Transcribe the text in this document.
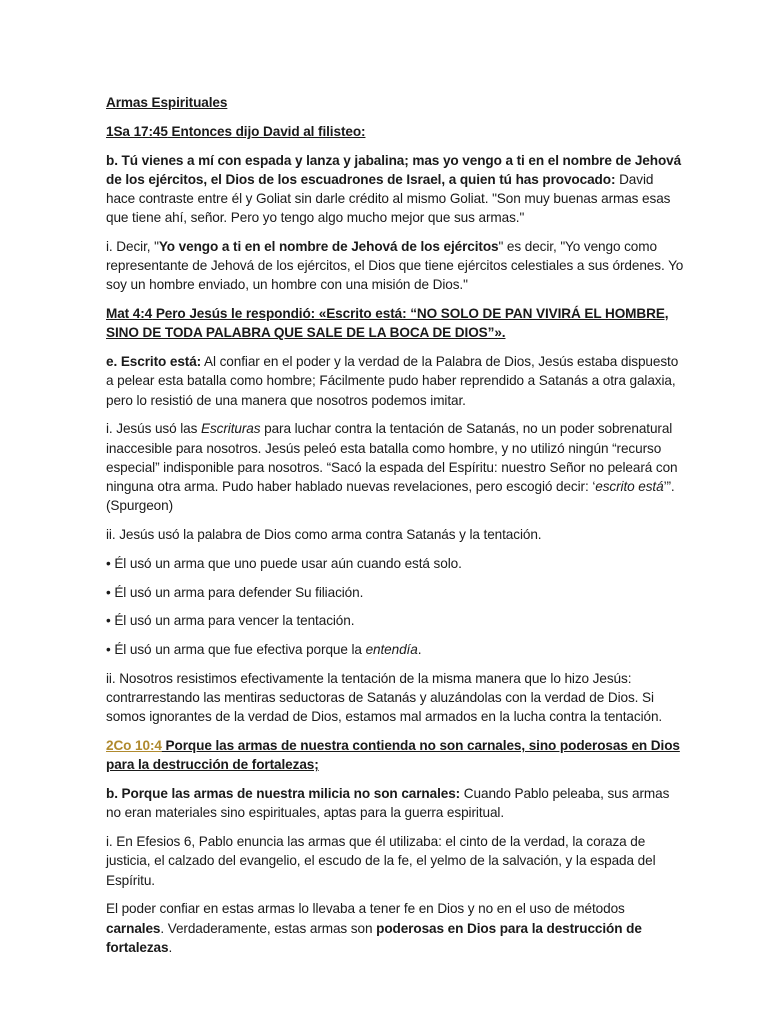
Armas Espirituales

1Sa 17:45 Entonces dijo David al filisteo:

b. Tú vienes a mí con espada y lanza y jabalina; mas yo vengo a ti en el nombre de Jehová de los ejércitos, el Dios de los escuadrones de Israel, a quien tú has provocado: David hace contraste entre él y Goliat sin darle crédito al mismo Goliat. "Son muy buenas armas esas que tiene ahí, señor. Pero yo tengo algo mucho mejor que sus armas."

i. Decir, "Yo vengo a ti en el nombre de Jehová de los ejércitos" es decir, "Yo vengo como representante de Jehová de los ejércitos, el Dios que tiene ejércitos celestiales a sus órdenes. Yo soy un hombre enviado, un hombre con una misión de Dios."

Mat 4:4 Pero Jesús le respondió: «Escrito está: “NO SOLO DE PAN VIVIRÁ EL HOMBRE, SINO DE TODA PALABRA QUE SALE DE LA BOCA DE DIOS”».

e. Escrito está: Al confiar en el poder y la verdad de la Palabra de Dios, Jesús estaba dispuesto a pelear esta batalla como hombre; Fácilmente pudo haber reprendido a Satanás a otra galaxia, pero lo resistió de una manera que nosotros podemos imitar.

i. Jesús usó las Escrituras para luchar contra la tentación de Satanás, no un poder sobrenatural inaccesible para nosotros. Jesús peleó esta batalla como hombre, y no utilizó ningún “recurso especial” indisponible para nosotros. “Sacó la espada del Espíritu: nuestro Señor no peleará con ninguna otra arma. Pudo haber hablado nuevas revelaciones, pero escogió decir: ‘escrito está’”. (Spurgeon)

ii. Jesús usó la palabra de Dios como arma contra Satanás y la tentación.

• Él usó un arma que uno puede usar aún cuando está solo.

• Él usó un arma para defender Su filiación.

• Él usó un arma para vencer la tentación.

• Él usó un arma que fue efectiva porque la entendía.

ii. Nosotros resistimos efectivamente la tentación de la misma manera que lo hizo Jesús: contrarrestando las mentiras seductoras de Satanás y aluzándolas con la verdad de Dios. Si somos ignorantes de la verdad de Dios, estamos mal armados en la lucha contra la tentación.

2Co 10:4 Porque las armas de nuestra contienda no son carnales, sino poderosas en Dios para la destrucción de fortalezas;

b. Porque las armas de nuestra milicia no son carnales: Cuando Pablo peleaba, sus armas no eran materiales sino espirituales, aptas para la guerra espiritual.

i. En Efesios 6, Pablo enuncia las armas que él utilizaba: el cinto de la verdad, la coraza de justicia, el calzado del evangelio, el escudo de la fe, el yelmo de la salvación, y la espada del Espíritu.

El poder confiar en estas armas lo llevaba a tener fe en Dios y no en el uso de métodos carnales. Verdaderamente, estas armas son poderosas en Dios para la destrucción de fortalezas.
